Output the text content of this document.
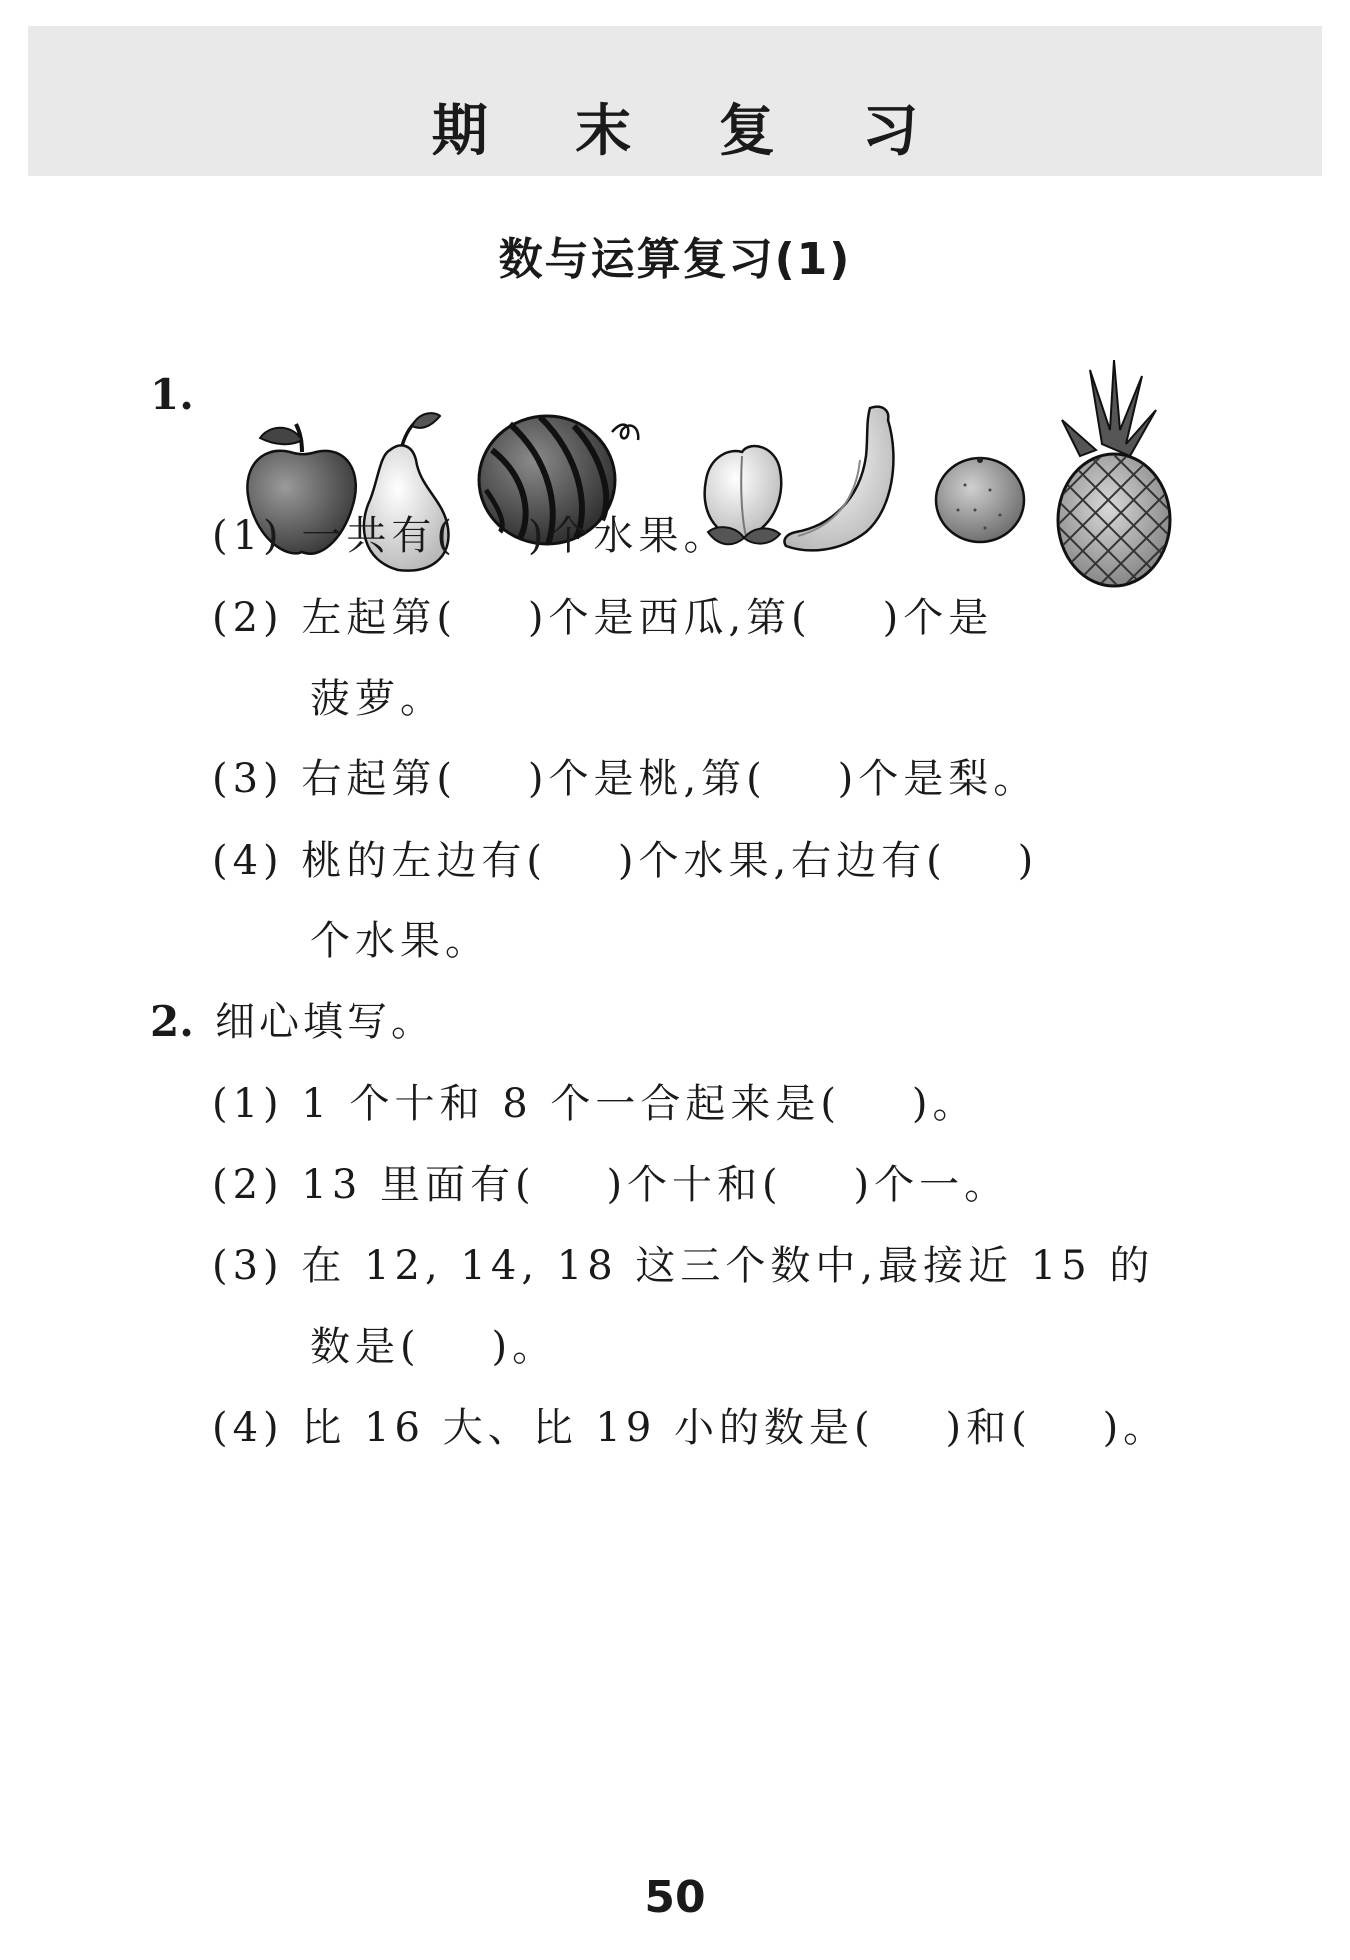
期 末 复 习
数与运算复习(1)
1.
(1) 一共有(    )个水果。
(2) 左起第(    )个是西瓜,第(    )个是
菠萝。
(3) 右起第(    )个是桃,第(    )个是梨。
(4) 桃的左边有(    )个水果,右边有(    )
个水果。
2. 细心填写。
(1) 1 个十和 8 个一合起来是(    )。
(2) 13 里面有(    )个十和(    )个一。
(3) 在 12, 14, 18 这三个数中,最接近 15 的
数是(    )。
(4) 比 16 大、比 19 小的数是(    )和(    )。
50
